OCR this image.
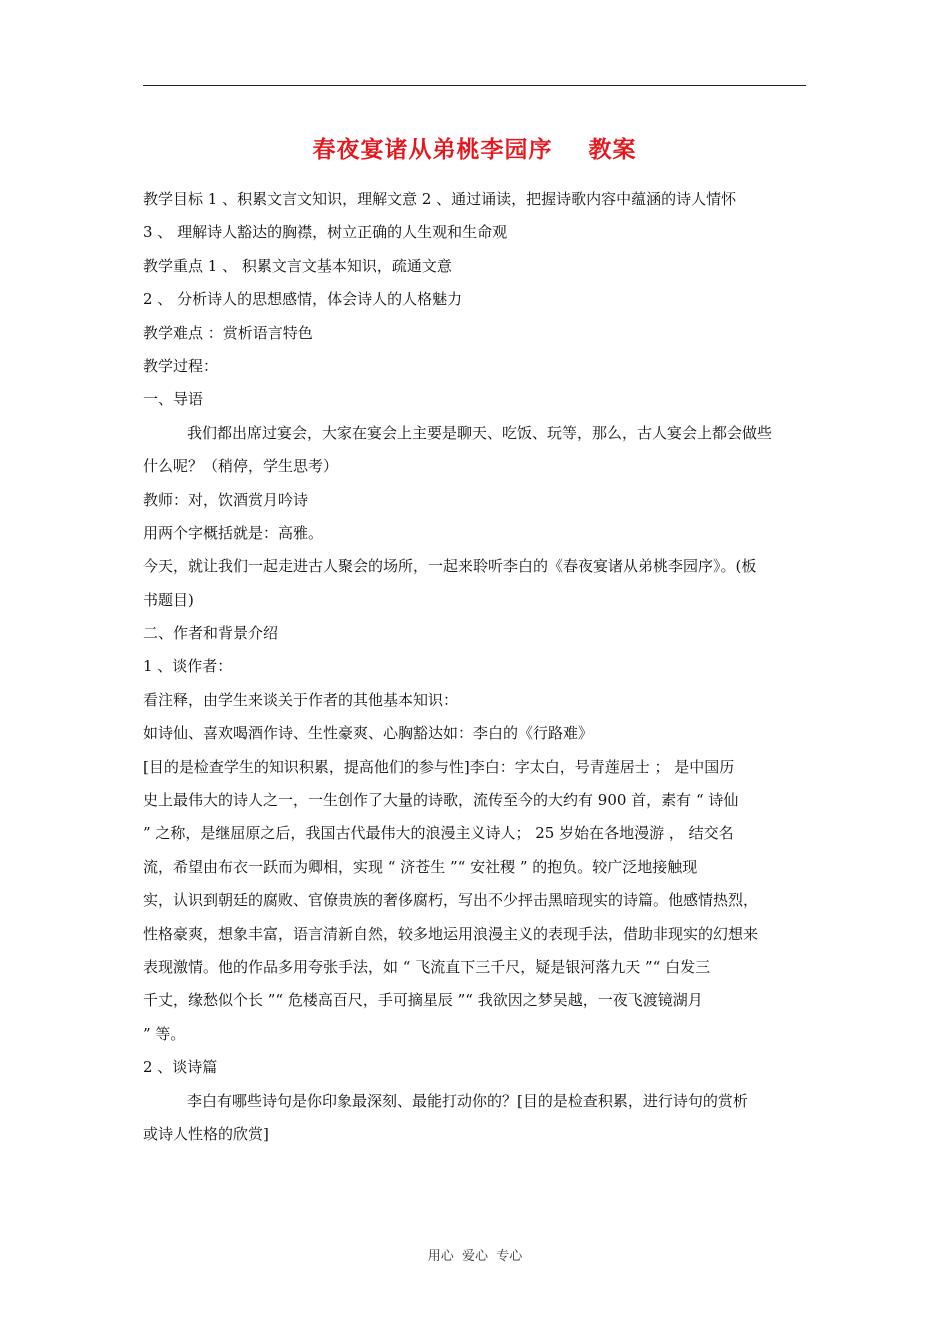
春夜宴诸从弟桃李园序    教案
教学目标 1 、积累文言文知识，理解文意 2 、通过诵读，把握诗歌内容中蕴涵的诗人情怀
3 、 理解诗人豁达的胸襟，树立正确的人生观和生命观
教学重点 1 、 积累文言文基本知识，疏通文意
2 、 分析诗人的思想感情，体会诗人的人格魅力
教学难点 ：赏析语言特色
教学过程：
一、导语
我们都出席过宴会，大家在宴会上主要是聊天、吃饭、玩等，那么，古人宴会上都会做些
什么呢？（稍停，学生思考）
教师：对，饮酒赏月吟诗
用两个字概括就是：高雅。
今天，就让我们一起走进古人聚会的场所，一起来聆听李白的《春夜宴诸从弟桃李园序》。(板
书题目)
二、作者和背景介绍
1 、谈作者：
看注释，由学生来谈关于作者的其他基本知识：
如诗仙、喜欢喝酒作诗、生性豪爽、心胸豁达如：李白的《行路难》
[目的是检查学生的知识积累，提高他们的参与性]李白：字太白，号青莲居士 ； 是中国历
史上最伟大的诗人之一，一生创作了大量的诗歌，流传至今的大约有 900 首，素有 “ 诗仙
” 之称，是继屈原之后，我国古代最伟大的浪漫主义诗人； 25 岁始在各地漫游 ， 结交名
流，希望由布衣一跃而为卿相，实现 “ 济苍生 ”“ 安社稷 ” 的抱负。较广泛地接触现
实，认识到朝廷的腐败、官僚贵族的奢侈腐朽，写出不少抨击黑暗现实的诗篇。他感情热烈，
性格豪爽，想象丰富，语言清新自然，较多地运用浪漫主义的表现手法，借助非现实的幻想来
表现激情。他的作品多用夸张手法，如 “ 飞流直下三千尺，疑是银河落九天 ”“ 白发三
千丈，缘愁似个长 ”“ 危楼高百尺，手可摘星辰 ”“ 我欲因之梦吴越，一夜飞渡镜湖月
” 等。
2 、谈诗篇
李白有哪些诗句是你印象最深刻、最能打动你的？[目的是检查积累，进行诗句的赏析
或诗人性格的欣赏]
用心  爱心  专心
